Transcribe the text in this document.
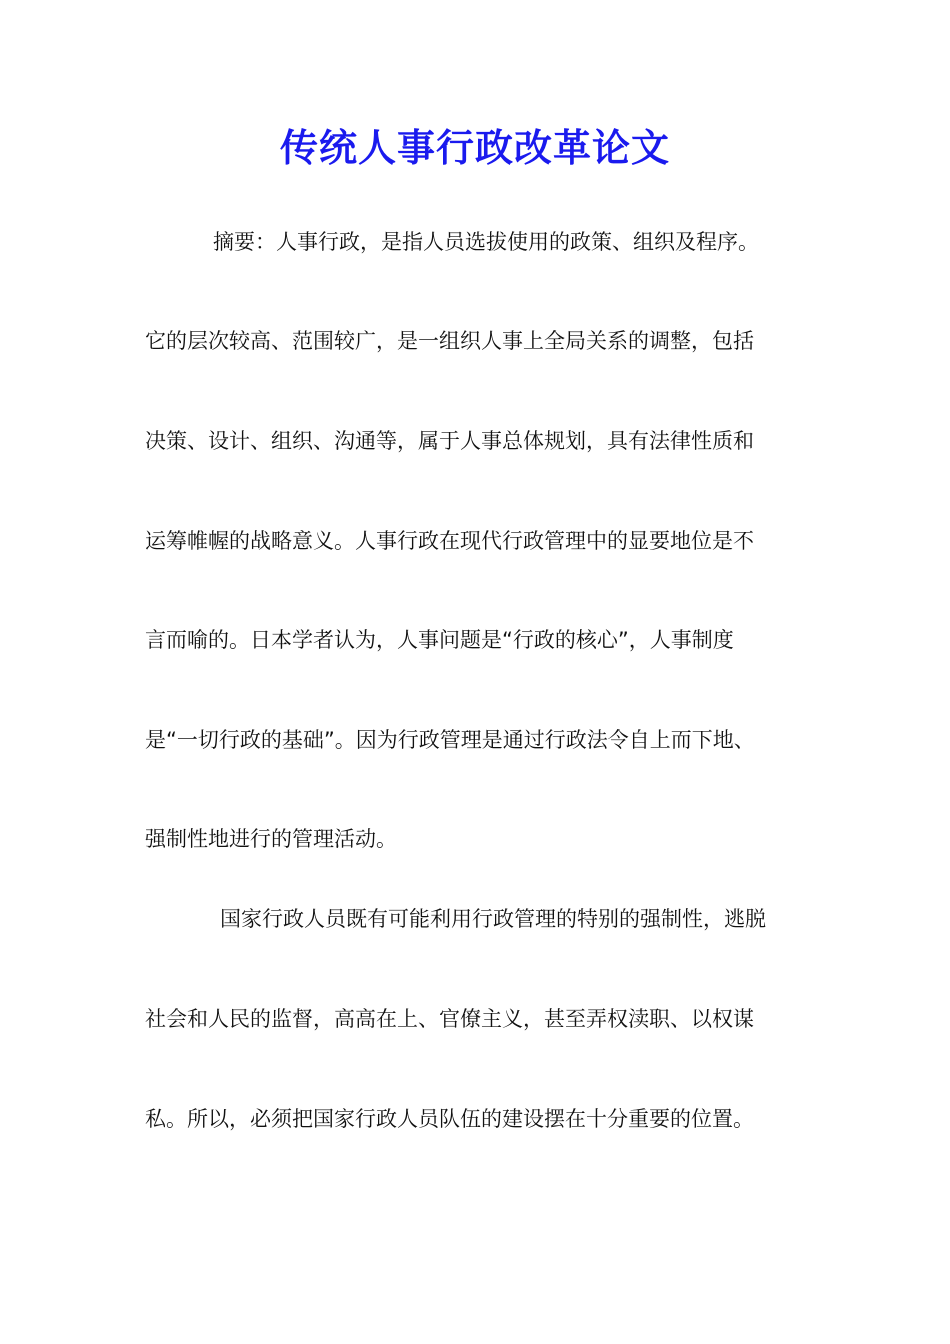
传统人事行政改革论文
摘要：人事行政，是指人员选拔使用的政策、组织及程序。
它的层次较高、范围较广，是一组织人事上全局关系的调整，包括
决策、设计、组织、沟通等，属于人事总体规划，具有法律性质和
运筹帷幄的战略意义。人事行政在现代行政管理中的显要地位是不
言而喻的。日本学者认为，人事问题是“行政的核心”，人事制度
是“一切行政的基础”。因为行政管理是通过行政法令自上而下地、
强制性地进行的管理活动。
国家行政人员既有可能利用行政管理的特别的强制性，逃脱
社会和人民的监督，高高在上、官僚主义，甚至弄权渎职、以权谋
私。所以，必须把国家行政人员队伍的建设摆在十分重要的位置。
